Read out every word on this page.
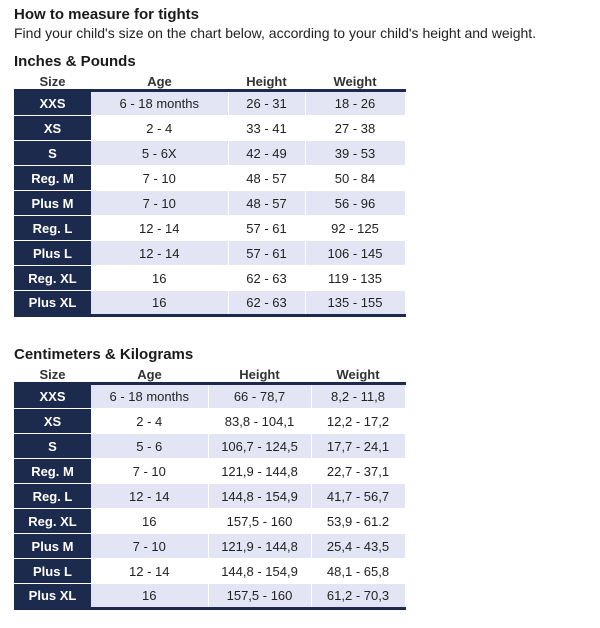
How to measure for tights
Find your child's size on the chart below, according to your child's height and weight.
Inches & Pounds
Size	Age	Height	Weight
XXS	6 - 18 months	26 - 31	18 - 26
XS	2 - 4	33 - 41	27 - 38
S	5 - 6X	42 - 49	39 - 53
Reg. M	7 - 10	48 - 57	50 - 84
Plus M	7 - 10	48 - 57	56 - 96
Reg. L	12 - 14	57 - 61	92 - 125
Plus L	12 - 14	57 - 61	106 - 145
Reg. XL	16	62 - 63	119 - 135
Plus XL	16	62 - 63	135 - 155
Centimeters & Kilograms
Size	Age	Height	Weight
XXS	6 - 18 months	66 - 78,7	8,2 - 11,8
XS	2 - 4	83,8 - 104,1	12,2 - 17,2
S	5 - 6	106,7 - 124,5	17,7 - 24,1
Reg. M	7 - 10	121,9 - 144,8	22,7 - 37,1
Reg. L	12 - 14	144,8 - 154,9	41,7 - 56,7
Reg. XL	16	157,5 - 160	53,9 - 61.2
Plus M	7 - 10	121,9 - 144,8	25,4 - 43,5
Plus L	12 - 14	144,8 - 154,9	48,1 - 65,8
Plus XL	16	157,5 - 160	61,2 - 70,3
